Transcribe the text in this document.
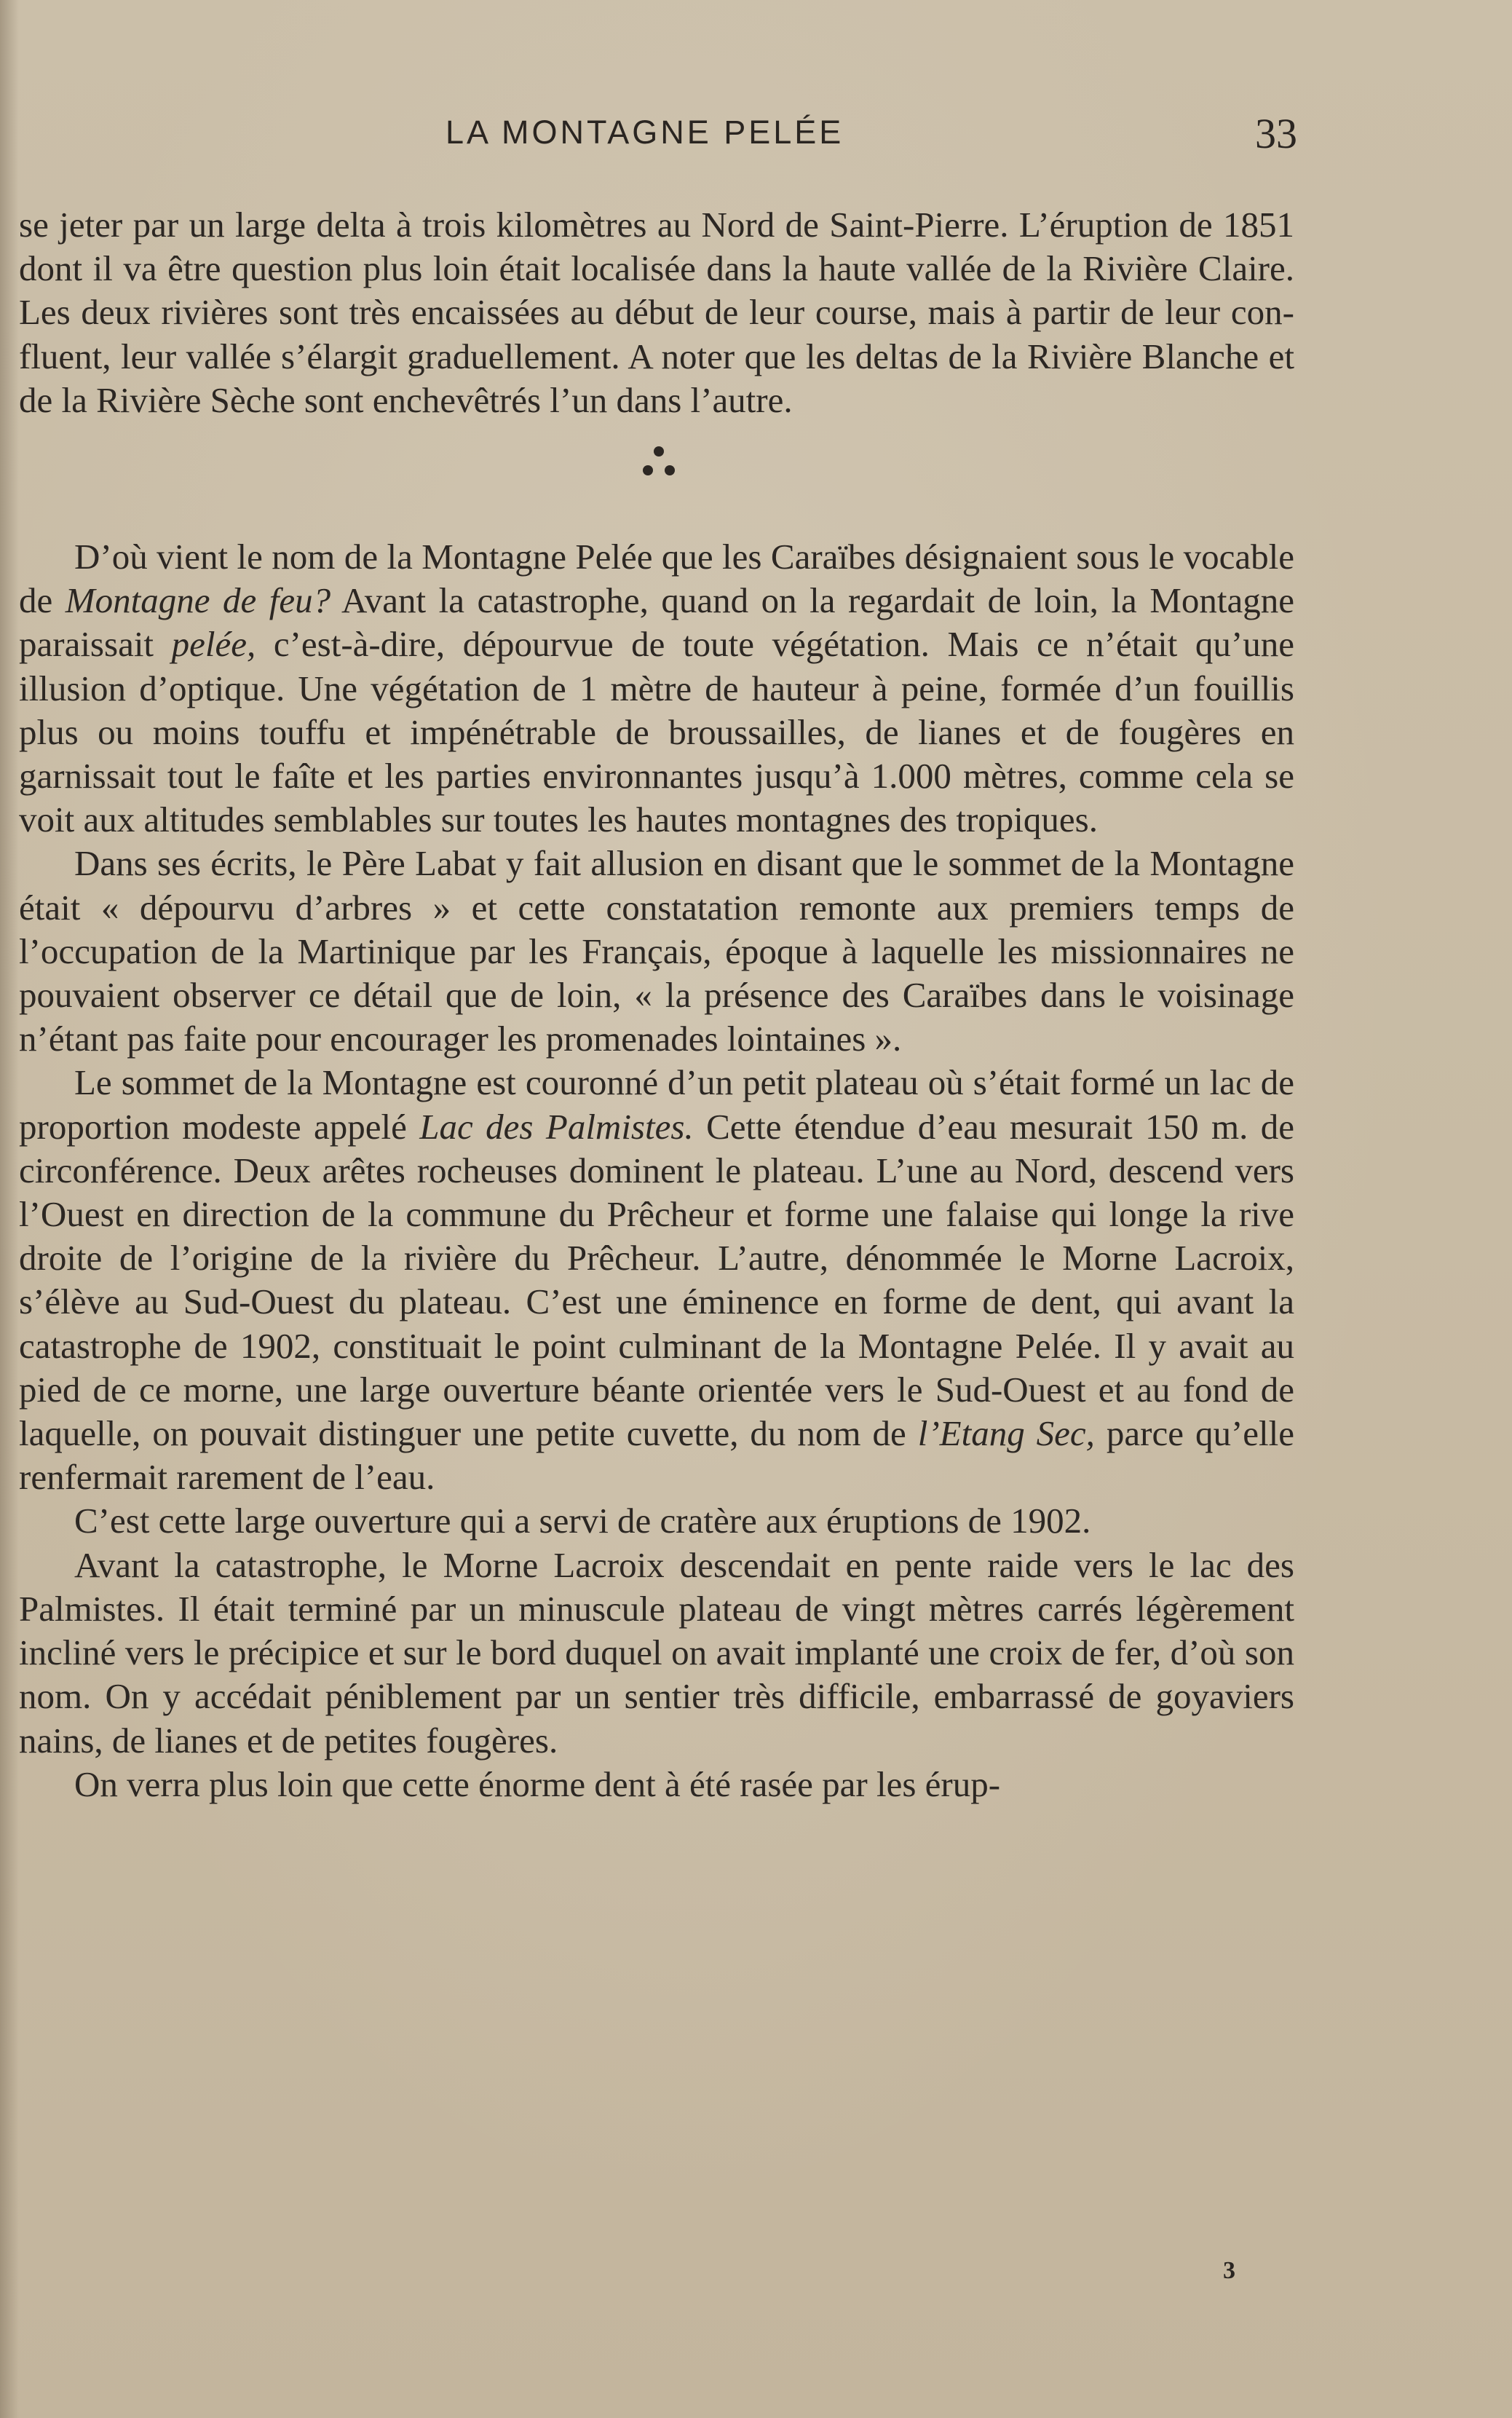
LA MONTAGNE PELÉE	33

se jeter par un large delta à trois kilomètres au Nord de Saint-Pierre. L’éruption de 1851 dont il va être question plus loin était localisée dans la haute vallée de la Rivière Claire. Les deux rivières sont très encaissées au début de leur course, mais à partir de leur confluent, leur vallée s’élargit graduellement. A noter que les deltas de la Rivière Blanche et de la Rivière Sèche sont enchevêtrés l’un dans l’autre.

D’où vient le nom de la Montagne Pelée que les Caraïbes désignaient sous le vocable de Montagne de feu? Avant la catastrophe, quand on la regardait de loin, la Montagne paraissait pelée, c’est-à-dire, dépourvue de toute végétation. Mais ce n’était qu’une illusion d’optique. Une végétation de 1 mètre de hauteur à peine, formée d’un fouillis plus ou moins touffu et impénétrable de broussailles, de lianes et de fougères en garnissait tout le faîte et les parties environnantes jusqu’à 1.000 mètres, comme cela se voit aux altitudes semblables sur toutes les hautes montagnes des tropiques.

Dans ses écrits, le Père Labat y fait allusion en disant que le sommet de la Montagne était « dépourvu d’arbres » et cette constatation remonte aux premiers temps de l’occupation de la Martinique par les Français, époque à laquelle les missionnaires ne pouvaient observer ce détail que de loin, « la présence des Caraïbes dans le voisinage n’étant pas faite pour encourager les promenades lointaines ».

Le sommet de la Montagne est couronné d’un petit plateau où s’était formé un lac de proportion modeste appelé Lac des Palmistes. Cette étendue d’eau mesurait 150 m. de circonférence. Deux arêtes rocheuses dominent le plateau. L’une au Nord, descend vers l’Ouest en direction de la commune du Prêcheur et forme une falaise qui longe la rive droite de l’origine de la rivière du Prêcheur. L’autre, dénommée le Morne Lacroix, s’élève au Sud-Ouest du plateau. C’est une éminence en forme de dent, qui avant la catastrophe de 1902, constituait le point culminant de la Montagne Pelée. Il y avait au pied de ce morne, une large ouverture béante orientée vers le Sud-Ouest et au fond de laquelle, on pouvait distinguer une petite cuvette, du nom de l’Etang Sec, parce qu’elle renfermait rarement de l’eau.

C’est cette large ouverture qui a servi de cratère aux éruptions de 1902.

Avant la catastrophe, le Morne Lacroix descendait en pente raide vers le lac des Palmistes. Il était terminé par un minuscule plateau de vingt mètres carrés légèrement incliné vers le précipice et sur le bord duquel on avait implanté une croix de fer, d’où son nom. On y accédait péniblement par un sentier très difficile, embarrassé de goyaviers nains, de lianes et de petites fougères.

On verra plus loin que cette énorme dent à été rasée par les érup-

3
